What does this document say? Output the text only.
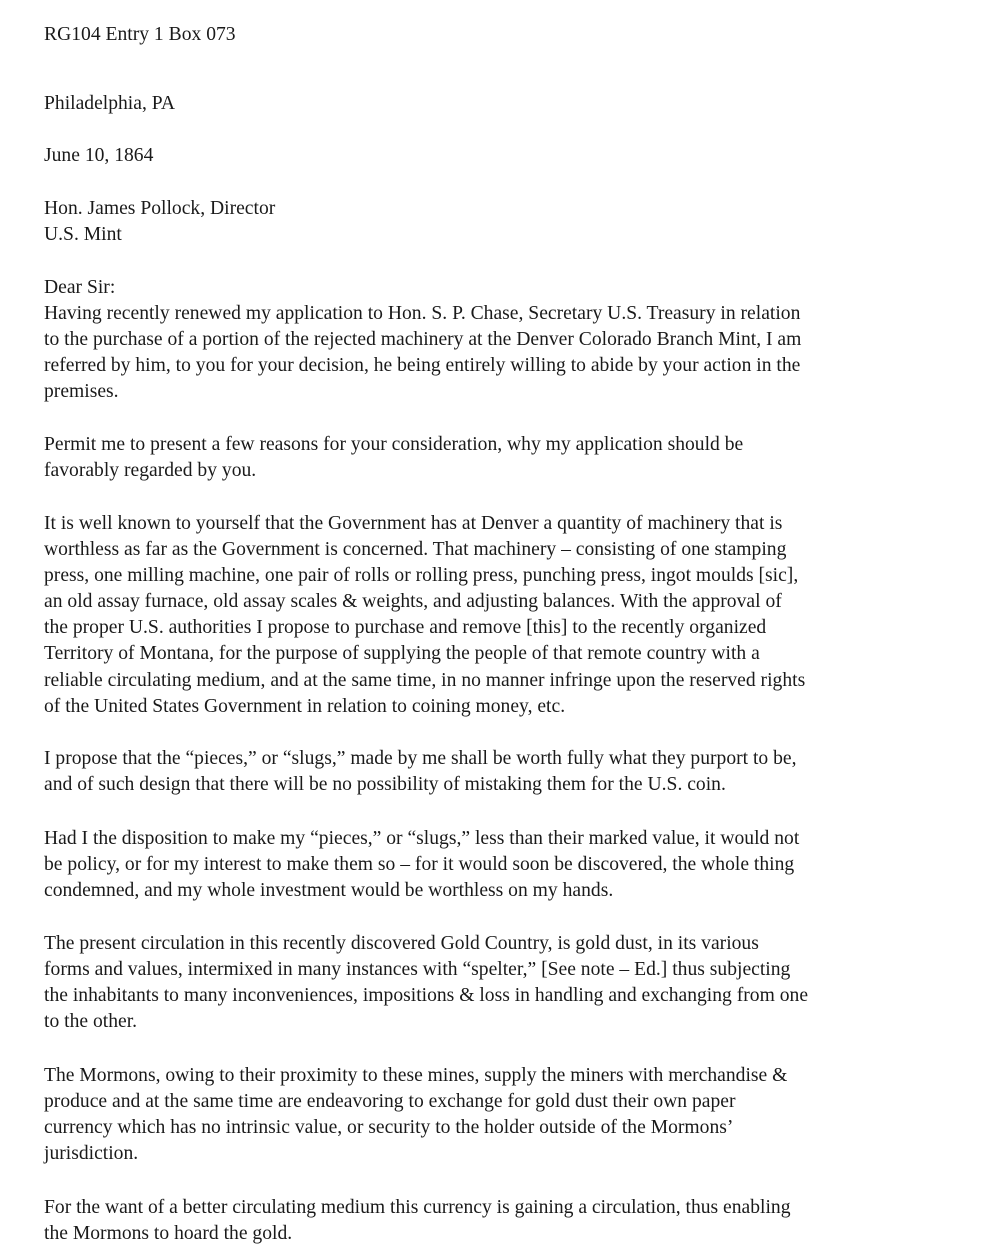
RG104 Entry 1 Box 073
Philadelphia, PA
June 10, 1864
Hon. James Pollock, Director
U.S. Mint
Dear Sir:
Having recently renewed my application to Hon. S. P. Chase, Secretary U.S. Treasury in relation
to the purchase of a portion of the rejected machinery at the Denver Colorado Branch Mint, I am
referred by him, to you for your decision, he being entirely willing to abide by your action in the
premises.
Permit me to present a few reasons for your consideration, why my application should be
favorably regarded by you.
It is well known to yourself that the Government has at Denver a quantity of machinery that is
worthless as far as the Government is concerned. That machinery – consisting of one stamping
press, one milling machine, one pair of rolls or rolling press, punching press, ingot moulds [sic],
an old assay furnace, old assay scales & weights, and adjusting balances. With the approval of
the proper U.S. authorities I propose to purchase and remove [this] to the recently organized
Territory of Montana, for the purpose of supplying the people of that remote country with a
reliable circulating medium, and at the same time, in no manner infringe upon the reserved rights
of the United States Government in relation to coining money, etc.
I propose that the “pieces,” or “slugs,” made by me shall be worth fully what they purport to be,
and of such design that there will be no possibility of mistaking them for the U.S. coin.
Had I the disposition to make my “pieces,” or “slugs,” less than their marked value, it would not
be policy, or for my interest to make them so – for it would soon be discovered, the whole thing
condemned, and my whole investment would be worthless on my hands.
The present circulation in this recently discovered Gold Country, is gold dust, in its various
forms and values, intermixed in many instances with “spelter,” [See note – Ed.] thus subjecting
the inhabitants to many inconveniences, impositions & loss in handling and exchanging from one
to the other.
The Mormons, owing to their proximity to these mines, supply the miners with merchandise &
produce and at the same time are endeavoring to exchange for gold dust their own paper
currency which has no intrinsic value, or security to the holder outside of the Mormons’
jurisdiction.
For the want of a better circulating medium this currency is gaining a circulation, thus enabling
the Mormons to hoard the gold.
